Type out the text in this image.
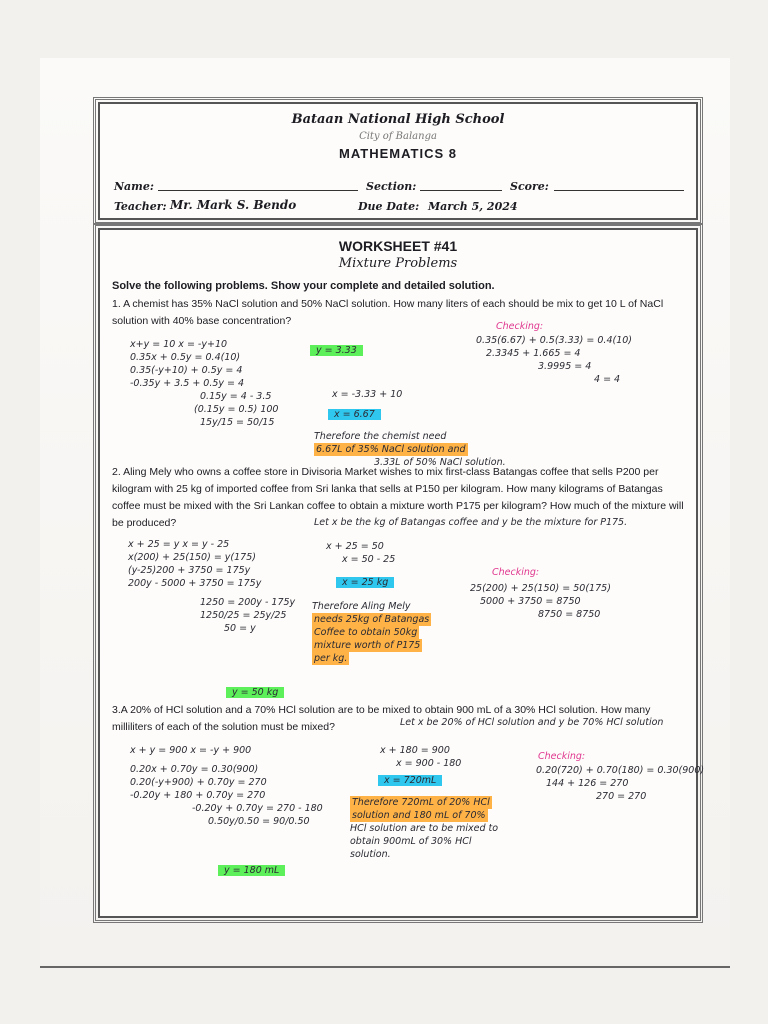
Bataan National High School
City of Balanga
MATHEMATICS 8
Name:	Section:	Score:
Teacher: Mr. Mark S. Bendo	Due Date: March 5, 2024
WORKSHEET #41
Mixture Problems
Solve the following problems. Show your complete and detailed solution.
1. A chemist has 35% NaCl solution and 50% NaCl solution. How many liters of each should be mix to get 10 L of NaCl solution with 40% base concentration?
x+y = 10 x = -y+10
0.35x + 0.5y = 0.4(10)
0.35(-y+10) + 0.5y = 4
-0.35y + 3.5 + 0.5y = 4
0.15y = 4 - 3.5
(0.15y = 0.5) 100
15y/15 = 50/15
y = 3.33
x = -3.33 + 10
x = 6.67
Checking:
0.35(6.67) + 0.5(3.33) = 0.4(10)
2.3345 + 1.665 = 4
3.9995 = 4
4 = 4
Therefore the chemist need
6.67L of 35% NaCl solution and
3.33L of 50% NaCl solution.
2. Aling Mely who owns a coffee store in Divisoria Market wishes to mix first-class Batangas coffee that sells P200 per kilogram with 25 kg of imported coffee from Sri lanka that sells at P150 per kilogram. How many kilograms of Batangas coffee must be mixed with the Sri Lankan coffee to obtain a mixture worth P175 per kilogram? How much of the mixture will be produced?	Let x be the kg of Batangas coffee and y be the mixture for P175.
x + 25 = y x = y - 25
x(200) + 25(150) = y(175)
(y-25)200 + 3750 = 175y
200y - 5000 + 3750 = 175y
1250 = 200y - 175y
1250/25 = 25y/25
50 = y
y = 50 kg
x + 25 = 50
x = 50 - 25
x = 25 kg
Checking:
25(200) + 25(150) = 50(175)
5000 + 3750 = 8750
8750 = 8750
Therefore Aling Mely
needs 25kg of Batangas
Coffee to obtain 50kg
mixture worth of P175
per kg.
3.A 20% of HCl solution and a 70% HCl solution are to be mixed to obtain 900 mL of a 30% HCl solution. How many milliliters of each of the solution must be mixed?	Let x be 20% of HCl solution and y be 70% HCl solution
x + y = 900 x = -y + 900
0.20x + 0.70y = 0.30(900)
0.20(-y+900) + 0.70y = 270
-0.20y + 180 + 0.70y = 270
-0.20y + 0.70y = 270 - 180
0.50y/0.50 = 90/0.50
y = 180 mL
x + 180 = 900
x = 900 - 180
x = 720mL
Checking:
0.20(720) + 0.70(180) = 0.30(900)
144 + 126 = 270
270 = 270
Therefore 720mL of 20% HCl
solution and 180 mL of 70%

HCl solution are to be mixed to
obtain 900mL of 30% HCl
solution.
